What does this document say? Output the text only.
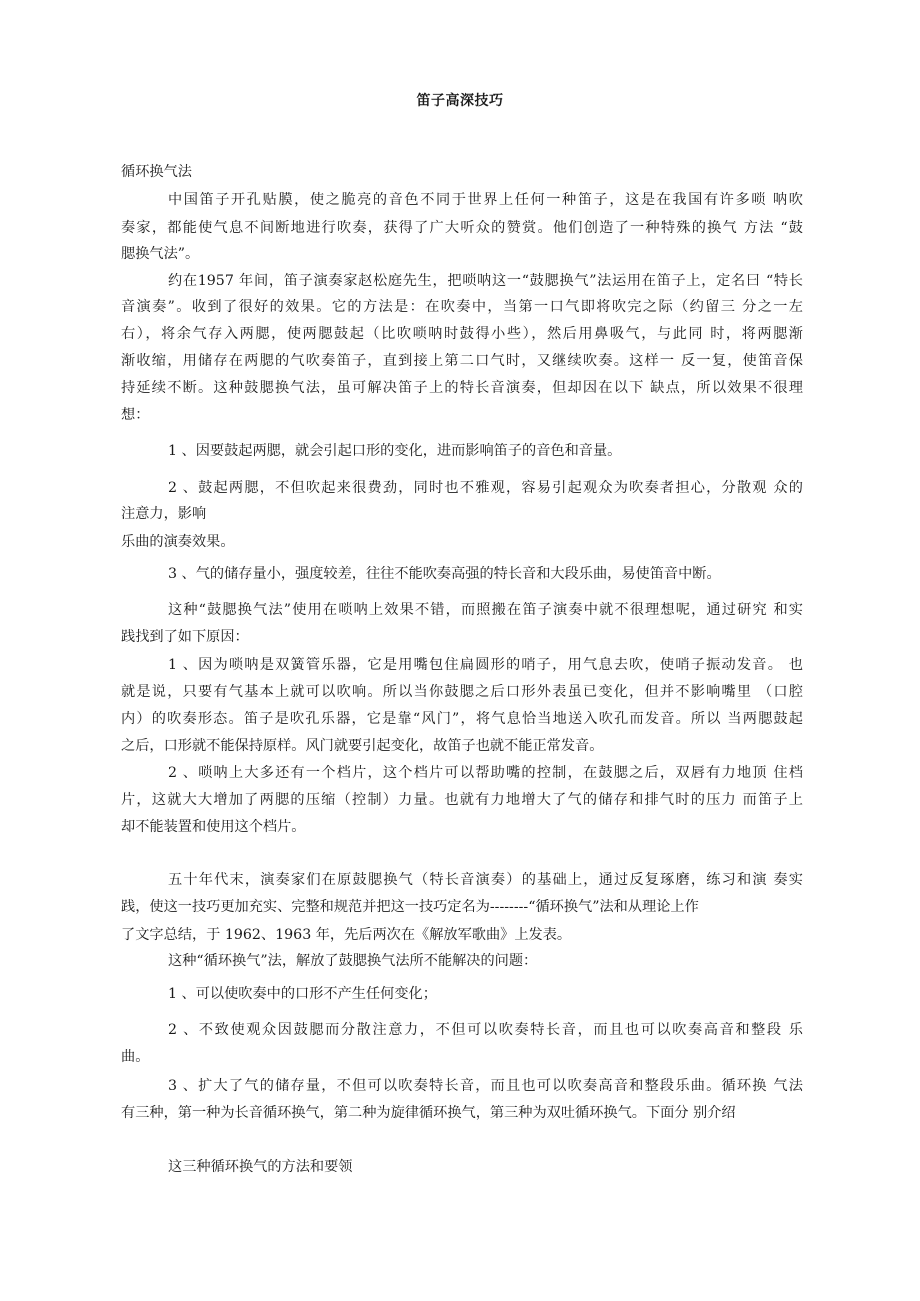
笛子高深技巧
循环换气法
中国笛子开孔贴膜，使之脆亮的音色不同于世界上任何一种笛子，这是在我国有许多唢 呐吹
奏家，都能使气息不间断地进行吹奏，获得了广大听众的赞赏。他们创造了一种特殊的换气 方法 “鼓
腮换气法”。
约在1957 年间，笛子演奏家赵松庭先生，把唢呐这一“鼓腮换气”法运用在笛子上，定名曰 “特长
音演奏”。收到了很好的效果。它的方法是：在吹奏中，当第一口气即将吹完之际（约留三 分之一左
右），将余气存入两腮，使两腮鼓起（比吹唢呐时鼓得小些），然后用鼻吸气，与此同 时，将两腮渐
渐收缩，用储存在两腮的气吹奏笛子，直到接上第二口气时，又继续吹奏。这样一 反一复，使笛音保
持延续不断。这种鼓腮换气法，虽可解决笛子上的特长音演奏，但却因在以下 缺点，所以效果不很理
想：
1 、因要鼓起两腮，就会引起口形的变化，进而影响笛子的音色和音量。
2 、鼓起两腮，不但吹起来很费劲，同时也不雅观，容易引起观众为吹奏者担心，分散观 众的
注意力，影响
乐曲的演奏效果。
3 、气的储存量小，强度较差，往往不能吹奏高强的特长音和大段乐曲，易使笛音中断。
这种“鼓腮换气法”使用在唢呐上效果不错，而照搬在笛子演奏中就不很理想呢，通过研究 和实
践找到了如下原因：
1 、因为唢呐是双簧管乐器，它是用嘴包住扁圆形的哨子，用气息去吹，使哨子振动发音。 也
就是说，只要有气基本上就可以吹响。所以当你鼓腮之后口形外表虽已变化，但并不影响嘴里 （口腔
内）的吹奏形态。笛子是吹孔乐器，它是靠“风门”，将气息恰当地送入吹孔而发音。所以 当两腮鼓起
之后，口形就不能保持原样。风门就要引起变化，故笛子也就不能正常发音。
2 、唢呐上大多还有一个档片，这个档片可以帮助嘴的控制，在鼓腮之后，双唇有力地顶 住档
片，这就大大增加了两腮的压缩（控制）力量。也就有力地增大了气的储存和排气时的压力 而笛子上
却不能装置和使用这个档片。
五十年代末，演奏家们在原鼓腮换气（特长音演奏）的基础上，通过反复琢磨，练习和演 奏实
践，使这一技巧更加充实、完整和规范并把这一技巧定名为--------“循环换气”法和从理论上作
了文字总结，于 1962、1963 年，先后两次在《解放军歌曲》上发表。
这种“循环换气”法，解放了鼓腮换气法所不能解决的问题：
1 、可以使吹奏中的口形不产生任何变化；
2 、不致使观众因鼓腮而分散注意力，不但可以吹奏特长音，而且也可以吹奏高音和整段 乐
曲。
3 、扩大了气的储存量，不但可以吹奏特长音，而且也可以吹奏高音和整段乐曲。循环换 气法
有三种，第一种为长音循环换气，第二种为旋律循环换气，第三种为双吐循环换气。下面分 别介绍
这三种循环换气的方法和要领
